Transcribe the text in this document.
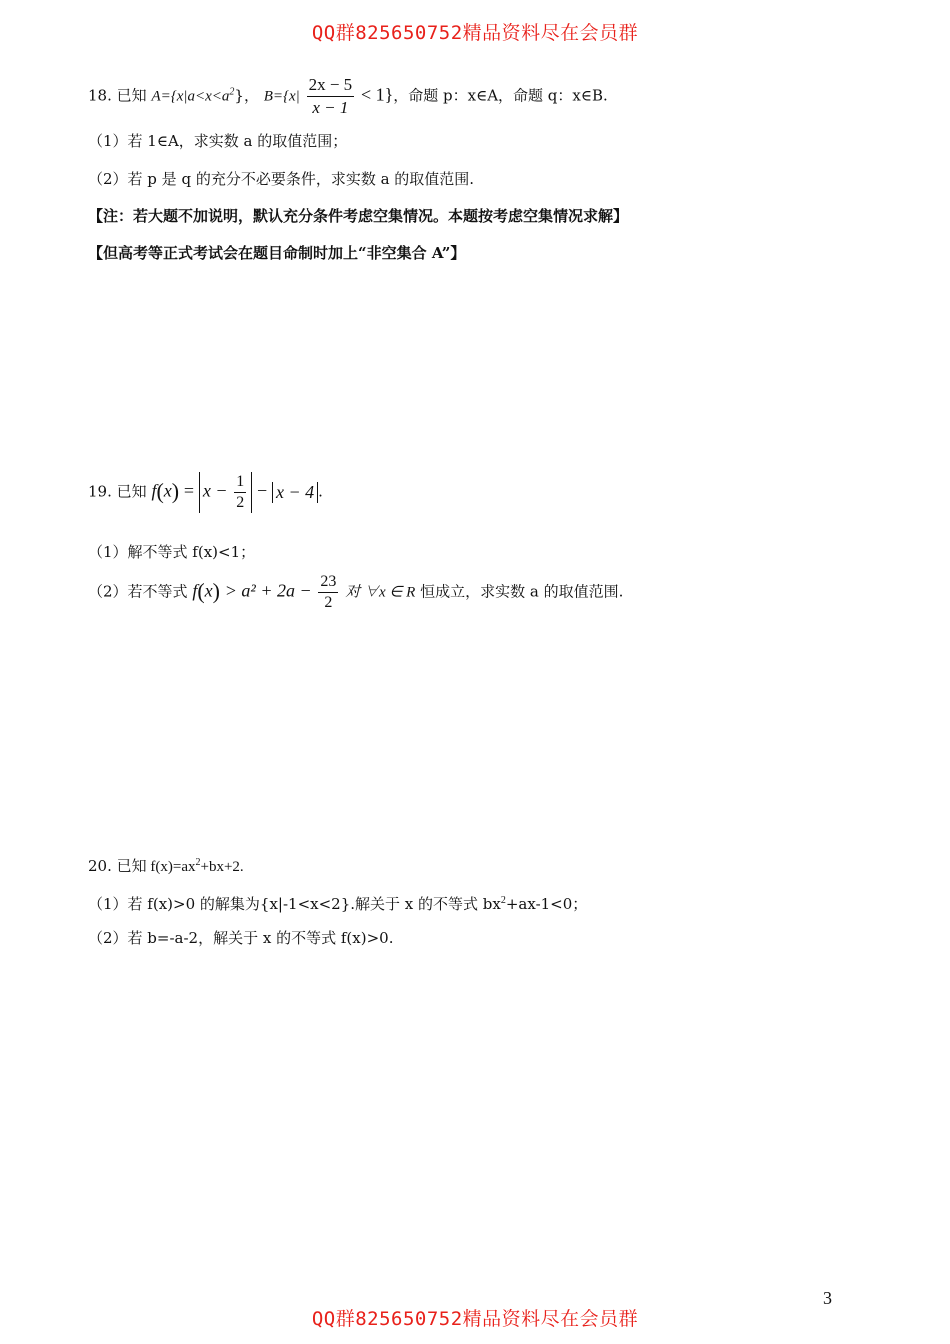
QQ群825650752精品资料尽在会员群
18. 已知 $A=\{x|a<x<a^2\}$， $B=\{x| \frac{2x - 5}{x - 1} < 1\}$，命题 p：x∈A，命题 q：x∈B.
（1）若 1∈A，求实数 a 的取值范围；
（2）若 p 是 q 的充分不必要条件，求实数 a 的取值范围.
【注：若大题不加说明，默认充分条件考虑空集情况。本题按考虑空集情况求解】
【但高考等正式考试会在题目命制时加上“非空集合 A”】
19. 已知 $f(x) = x - \frac{1}{2} - x - 4$ .
（1）解不等式 f(x)<1；
（2）若不等式 $f(x) > a^2 + 2a - \frac{23}{2}$ 对 ∀x ∈ R 恒成立，求实数 a 的取值范围.
20. 已知 $f(x)=ax^2+bx+2$.
（1）若 f(x)>0 的解集为{x|-1<x<2}.解关于 x 的不等式 $bx^2+ax-1<0$；
（2）若 b=-a-2，解关于 x 的不等式 f(x)>0.
3
QQ群825650752精品资料尽在会员群
